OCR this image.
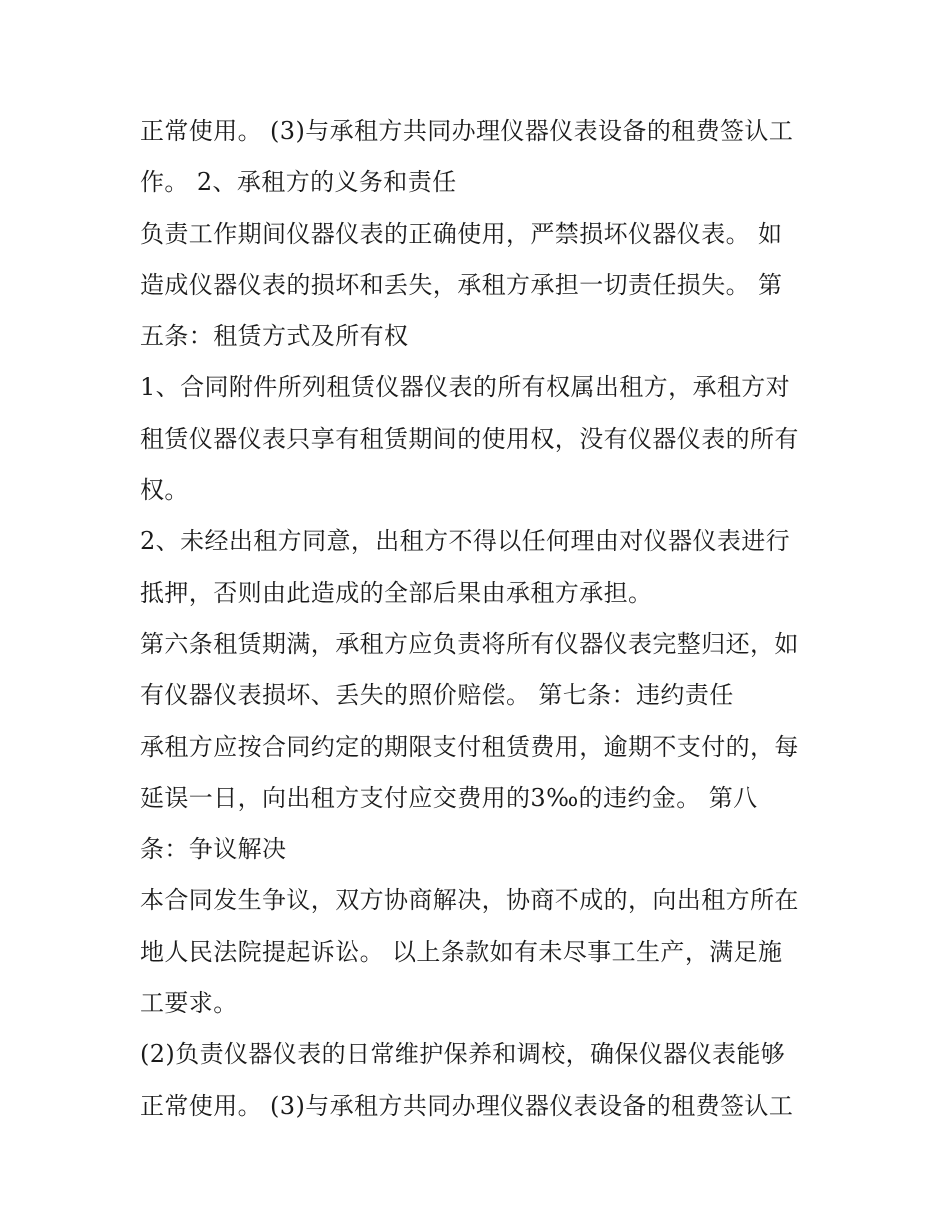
正常使用。 (3)与承租方共同办理仪器仪表设备的租费签认工
作。 2、承租方的义务和责任
负责工作期间仪器仪表的正确使用，严禁损坏仪器仪表。 如
造成仪器仪表的损坏和丢失，承租方承担一切责任损失。 第
五条：租赁方式及所有权
1、合同附件所列租赁仪器仪表的所有权属出租方，承租方对
租赁仪器仪表只享有租赁期间的使用权，没有仪器仪表的所有
权。
2、未经出租方同意，出租方不得以任何理由对仪器仪表进行
抵押，否则由此造成的全部后果由承租方承担。
第六条租赁期满，承租方应负责将所有仪器仪表完整归还，如
有仪器仪表损坏、丢失的照价赔偿。 第七条：违约责任
承租方应按合同约定的期限支付租赁费用，逾期不支付的，每
延误一日，向出租方支付应交费用的3‰的违约金。 第八
条：争议解决
本合同发生争议，双方协商解决，协商不成的，向出租方所在
地人民法院提起诉讼。 以上条款如有未尽事工生产，满足施
工要求。
(2)负责仪器仪表的日常维护保养和调校，确保仪器仪表能够
正常使用。 (3)与承租方共同办理仪器仪表设备的租费签认工
